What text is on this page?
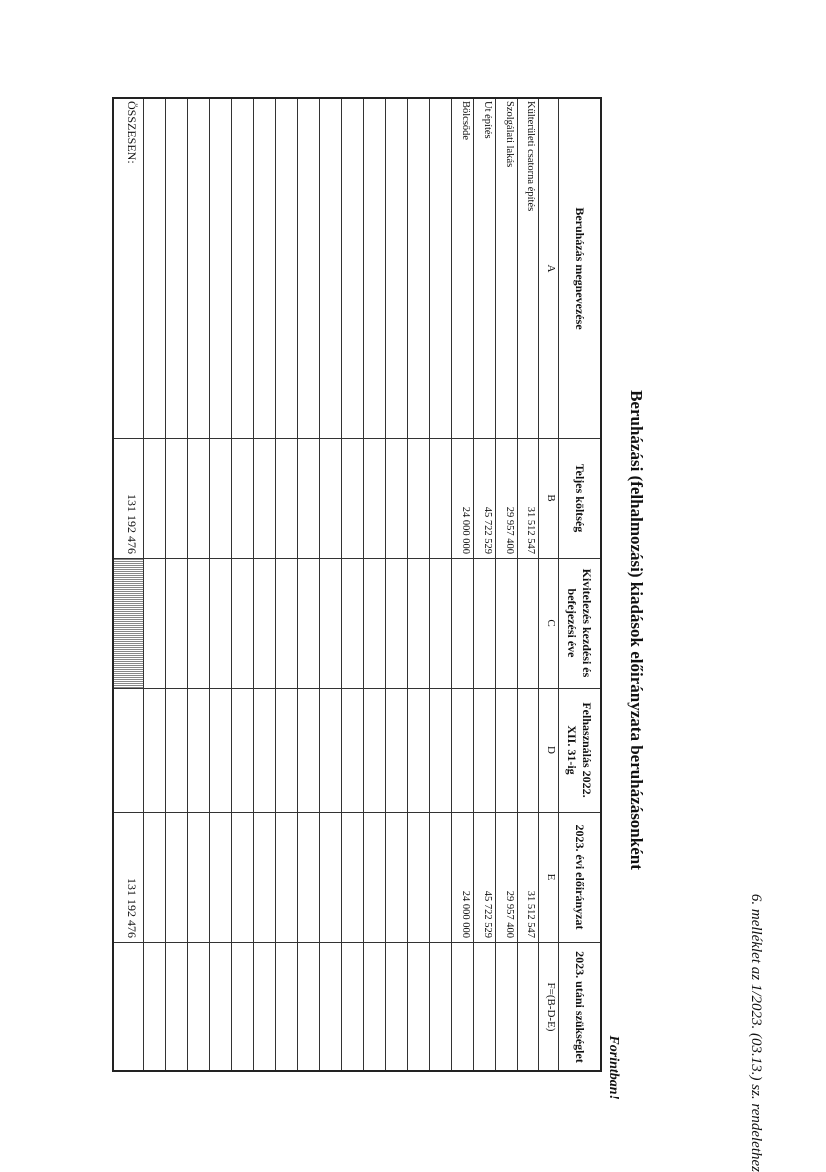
6. melléklet az 1/2023. (03.13.) sz. rendelethez
Beruházási (felhalmozási) kiadások előirányzata beruházásonként
Forintban!
Beruházás megnevezése
Teljes költség
Kivitelezés kezdési és befejezési éve
Felhasználás 2022. XII. 31-ig
2023. évi előirányzat
2023. utáni szükséglet
A
B
C
D
E
F=(B-D-E)
Külterületi csatorna építés
31 512 547
31 512 547
Szolgálati lakás
29 957 400
29 957 400
Út építés
45 722 529
45 722 529
Bölcsőde
24 000 000
24 000 000
ÖSSZESEN:
131 192 476
131 192 476
